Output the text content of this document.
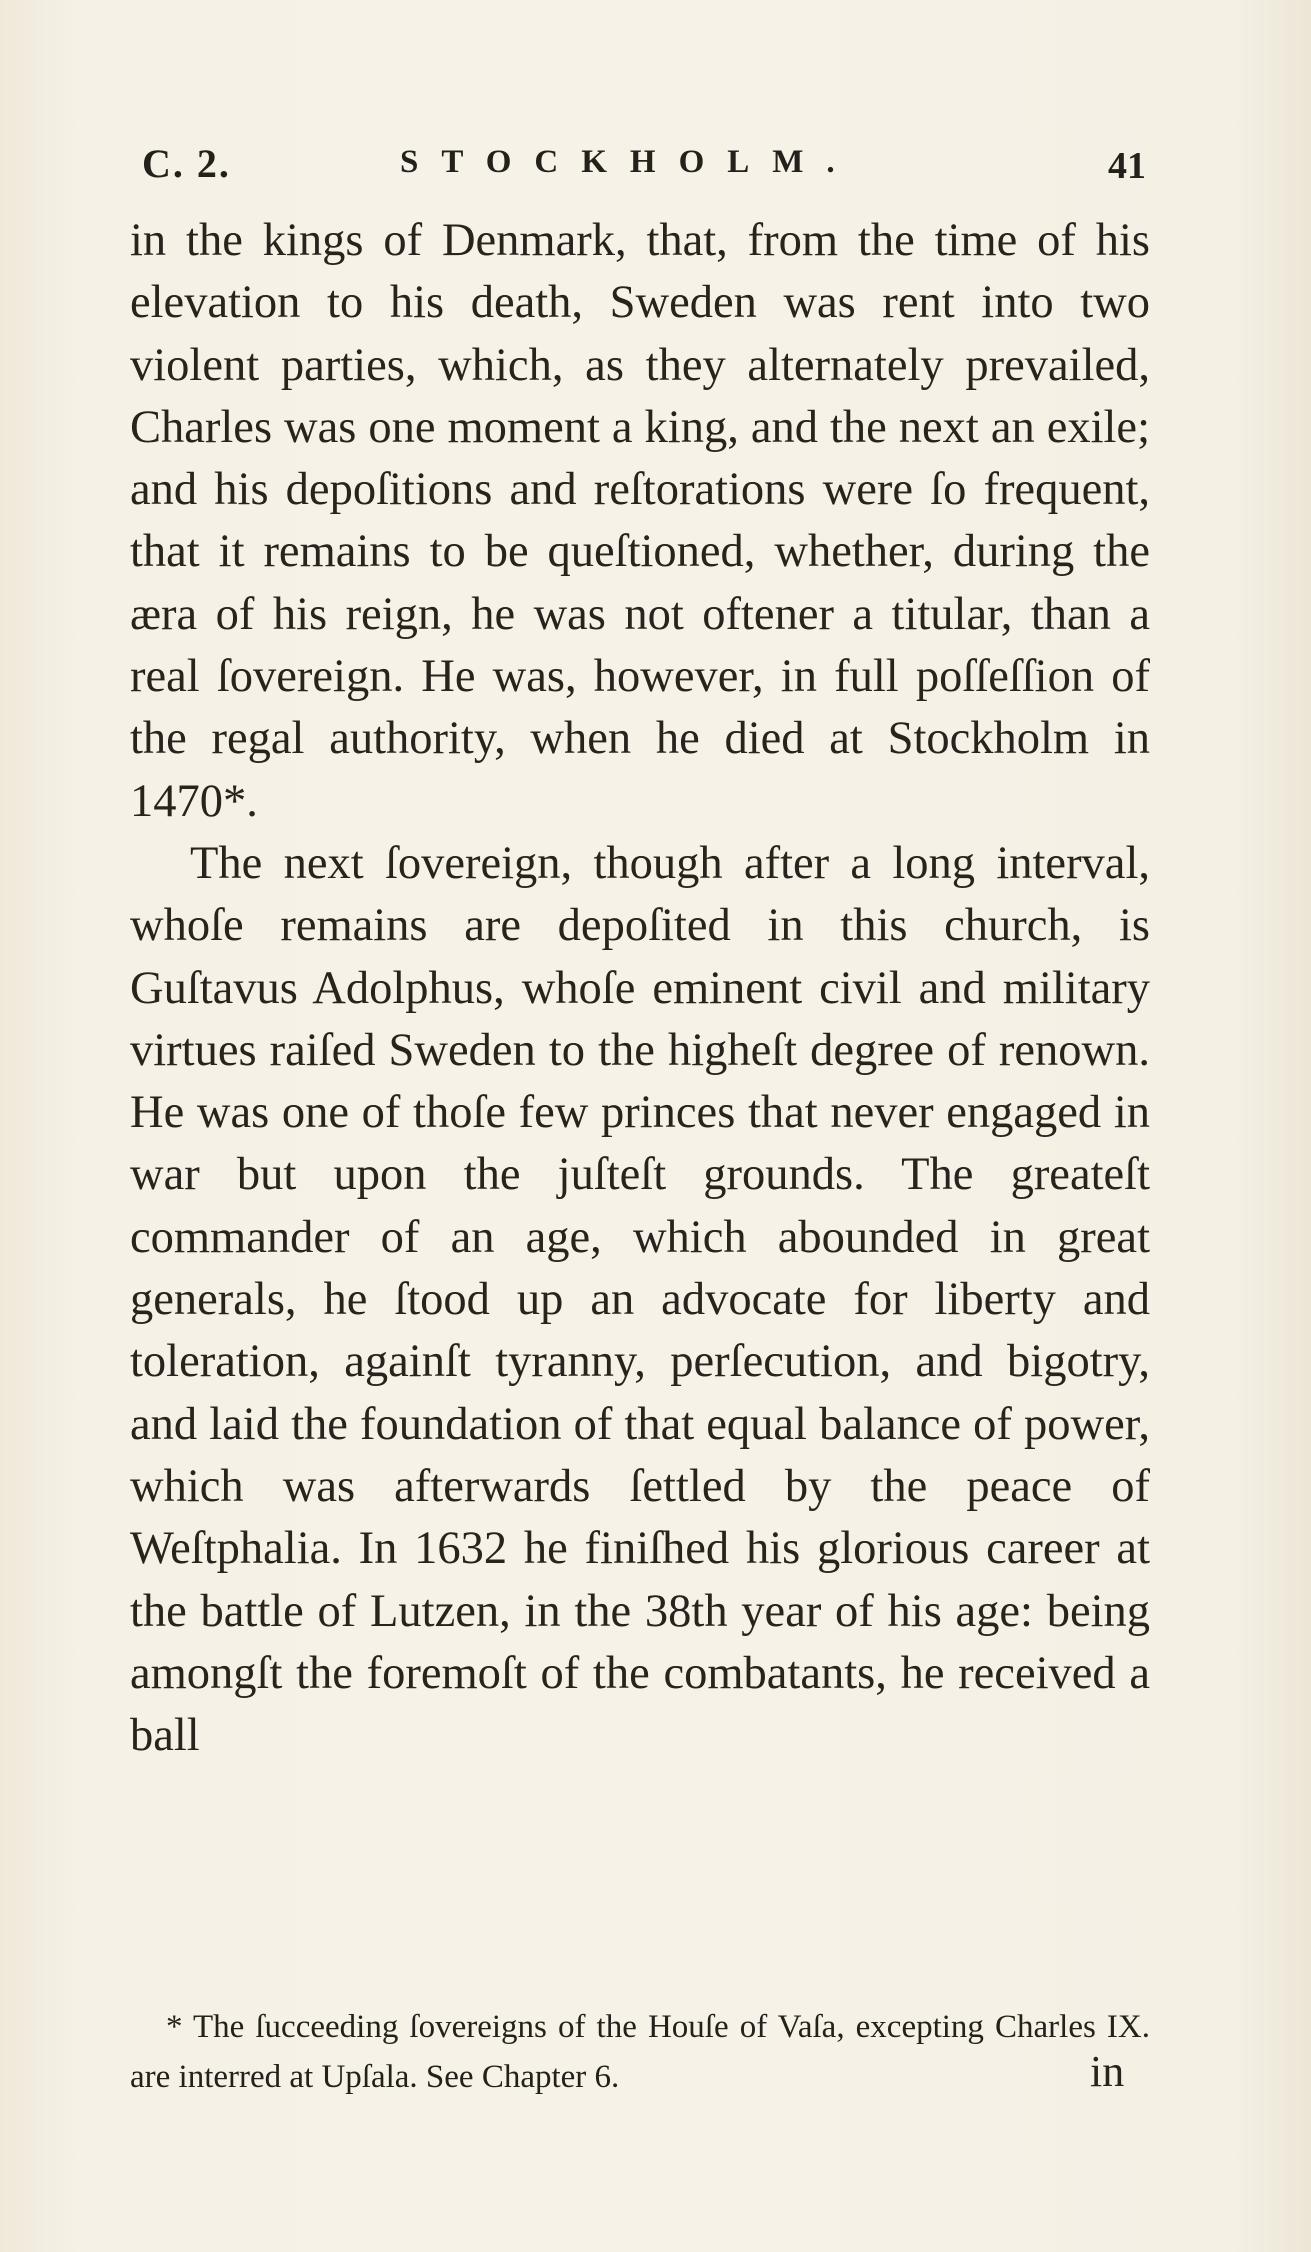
C. 2.	STOCKHOLM.	41

in the kings of Denmark, that, from the time of his elevation to his death, Sweden was rent into two violent parties, which, as they alternately prevailed, Charles was one moment a king, and the next an exile; and his depoſitions and reſtorations were ſo frequent, that it remains to be queſtioned, whether, during the æra of his reign, he was not oftener a titular, than a real ſovereign. He was, however, in full poſſeſſion of the regal authority, when he died at Stockholm in 1470*.

The next ſovereign, though after a long interval, whoſe remains are depoſited in this church, is Guſtavus Adolphus, whoſe eminent civil and military virtues raiſed Sweden to the higheſt degree of renown. He was one of thoſe few princes that never engaged in war but upon the juſteſt grounds. The greateſt commander of an age, which abounded in great generals, he ſtood up an advocate for liberty and toleration, againſt tyranny, perſecution, and bigotry, and laid the foundation of that equal balance of power, which was afterwards ſettled by the peace of Weſtphalia. In 1632 he finiſhed his glorious career at the battle of Lutzen, in the 38th year of his age: being amongſt the foremoſt of the combatants, he received a ball

* The ſucceeding ſovereigns of the Houſe of Vaſa, excepting Charles IX. are interred at Upſala. See Chapter 6.	in
